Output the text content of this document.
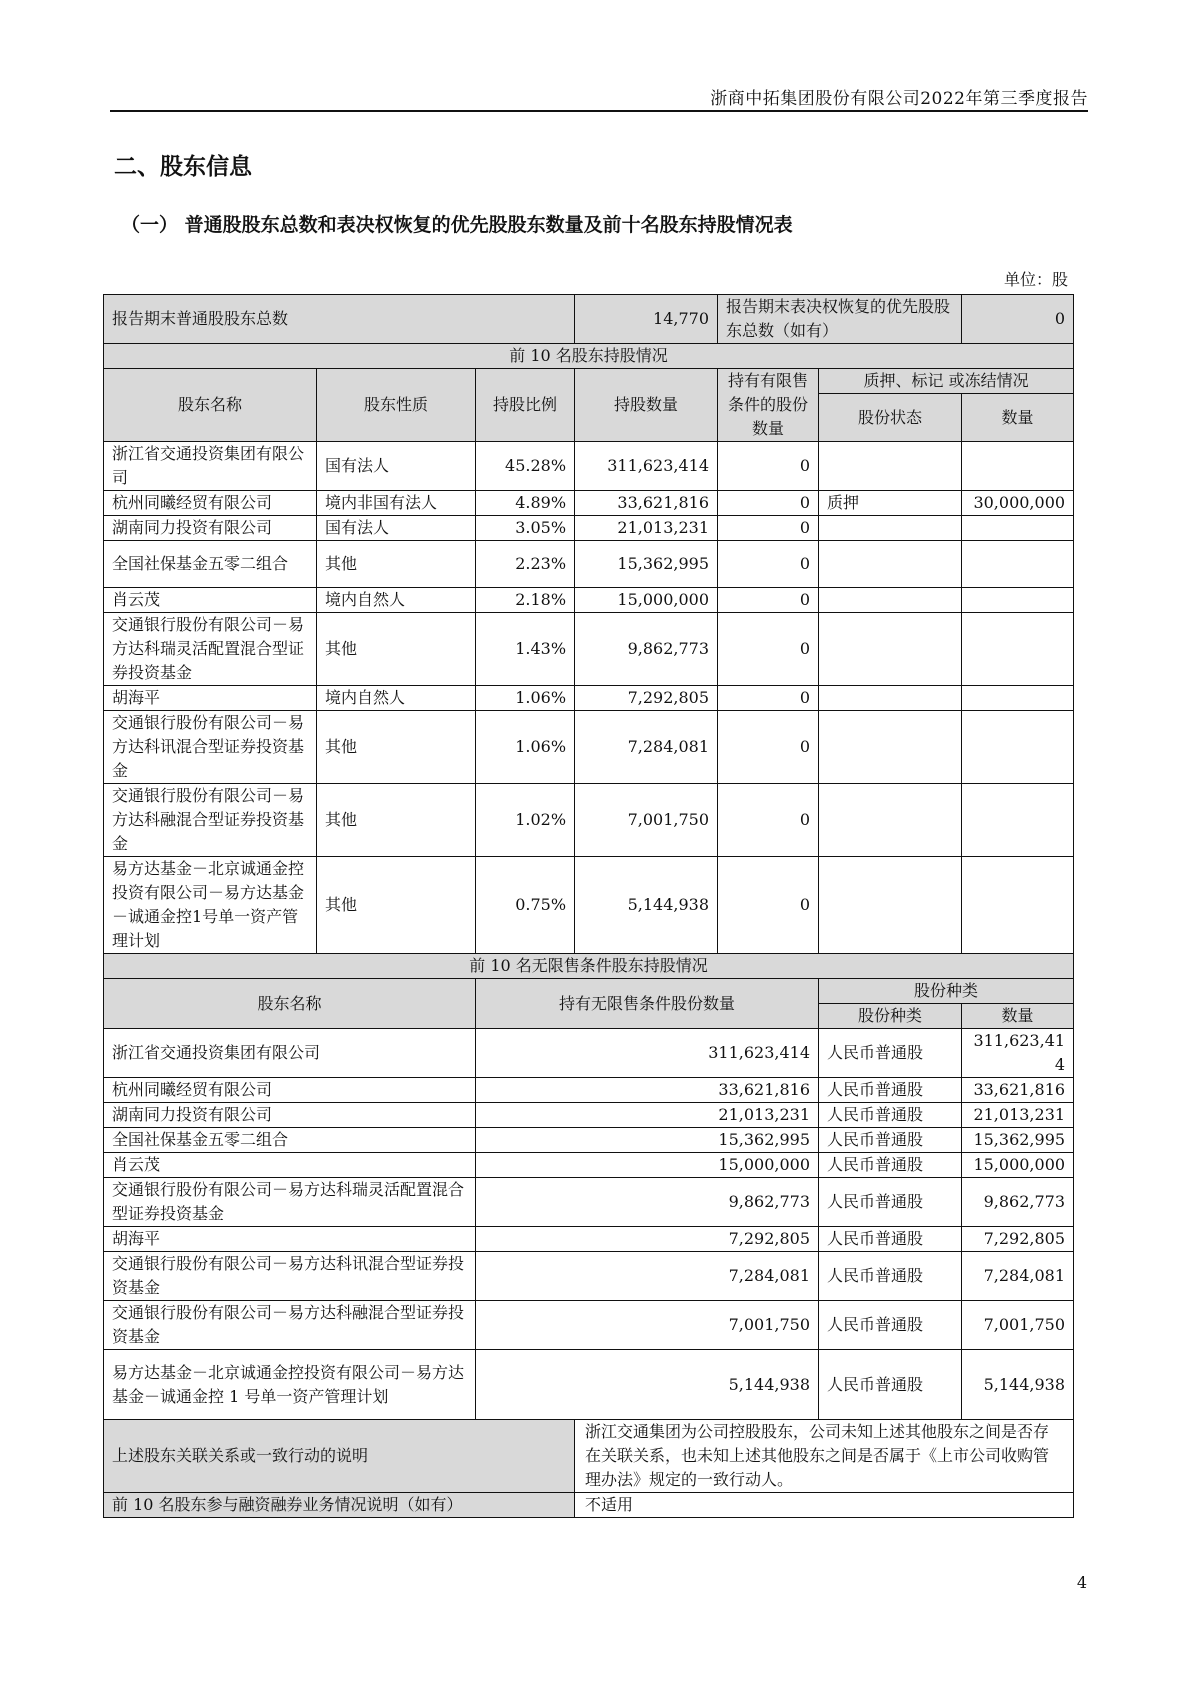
浙商中拓集团股份有限公司2022年第三季度报告
二、股东信息
（一） 普通股股东总数和表决权恢复的优先股股东数量及前十名股东持股情况表
单位：股
报告期末普通股股东总数			14,770	报告期末表决权恢复的优先股股东总数（如有）		0
前 10 名股东持股情况						
股东名称	股东性质	持股比例	持股数量	持有有限售条件的股份数量	质押、标记 或冻结情况	
					股份状态	数量
浙江省交通投资集团有限公司	国有法人	45.28%	311,623,414	0		
杭州同曦经贸有限公司	境内非国有法人	4.89%	33,621,816	0	质押	30,000,000
湖南同力投资有限公司	国有法人	3.05%	21,013,231	0		
全国社保基金五零二组合	其他	2.23%	15,362,995	0		
肖云茂	境内自然人	2.18%	15,000,000	0		
交通银行股份有限公司－易方达科瑞灵活配置混合型证券投资基金	其他	1.43%	9,862,773	0		
胡海平	境内自然人	1.06%	7,292,805	0		
交通银行股份有限公司－易方达科讯混合型证券投资基金	其他	1.06%	7,284,081	0		
交通银行股份有限公司－易方达科融混合型证券投资基金	其他	1.02%	7,001,750	0		
易方达基金－北京诚通金控投资有限公司－易方达基金－诚通金控1号单一资产管理计划	其他	0.75%	5,144,938	0		
前 10 名无限售条件股东持股情况						
股东名称		持有无限售条件股份数量			股份种类	
					股份种类	数量
浙江省交通投资集团有限公司		311,623,414			人民币普通股	311,623,414
杭州同曦经贸有限公司		33,621,816			人民币普通股	33,621,816
湖南同力投资有限公司		21,013,231			人民币普通股	21,013,231
全国社保基金五零二组合		15,362,995			人民币普通股	15,362,995
肖云茂		15,000,000			人民币普通股	15,000,000
交通银行股份有限公司－易方达科瑞灵活配置混合型证券投资基金		9,862,773			人民币普通股	9,862,773
胡海平		7,292,805			人民币普通股	7,292,805
交通银行股份有限公司－易方达科讯混合型证券投资基金		7,284,081			人民币普通股	7,284,081
交通银行股份有限公司－易方达科融混合型证券投资基金		7,001,750			人民币普通股	7,001,750
易方达基金－北京诚通金控投资有限公司－易方达基金－诚通金控 1 号单一资产管理计划		5,144,938			人民币普通股	5,144,938
上述股东关联关系或一致行动的说明			浙江交通集团为公司控股股东，公司未知上述其他股东之间是否存在关联关系，也未知上述其他股东之间是否属于《上市公司收购管理办法》规定的一致行动人。			
前 10 名股东参与融资融券业务情况说明（如有）			不适用			
4
